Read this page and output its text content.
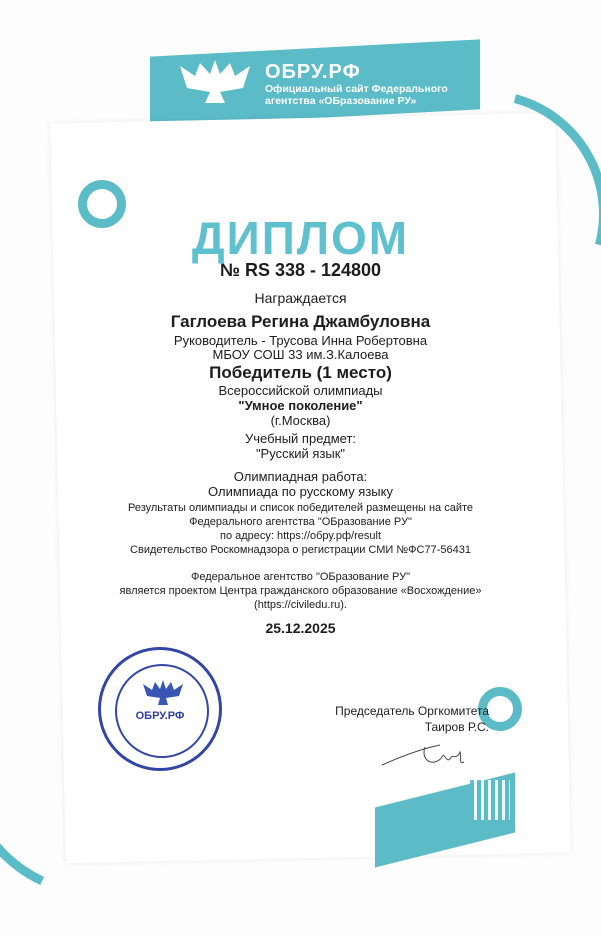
ОБРУ.РФ
Официальный сайт Федерального
агентства «ОБразование РУ»
ДИПЛОМ
№ RS 338 - 124800
Награждается
Гаглоева Регина Джамбуловна
Руководитель - Трусова Инна Робертовна
МБОУ СОШ 33 им.З.Калоева
Победитель (1 место)
Всероссийской олимпиады
"Умное поколение"
(г.Москва)
Учебный предмет:
"Русский язык"
Олимпиадная работа:
Олимпиада по русскому языку
Результаты олимпиады и список победителей размещены на сайте
Федерального агентства "ОБразование РУ"
по адресу: https://обру.рф/result
Свидетельство Роскомнадзора о регистрации СМИ №ФС77-56431
Федеральное агентство "ОБразование РУ"
является проектом Центра гражданского образование «Восхождение»
(https://civiledu.ru).
25.12.2025
ОБРУ.РФ	Председатель Оргкомитета
Таиров Р.С.
